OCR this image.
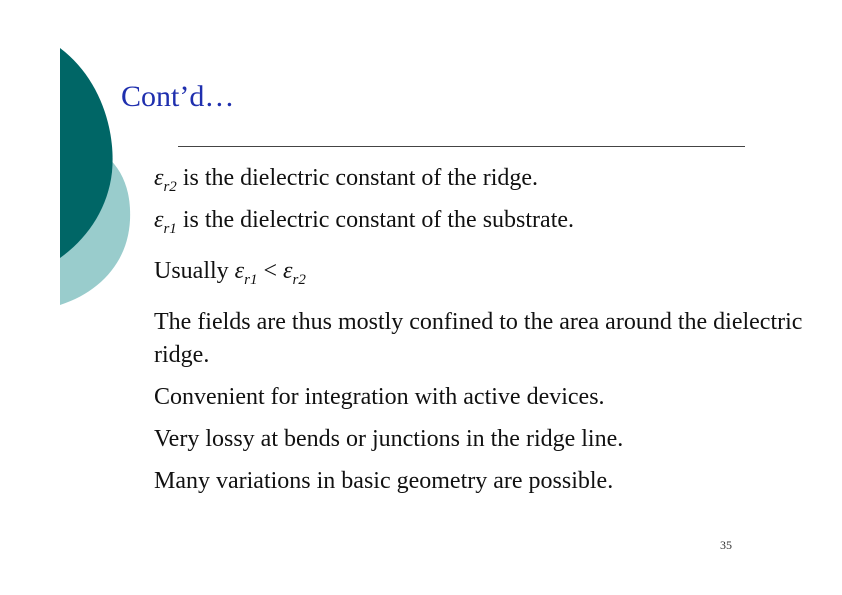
Cont’d…
$\varepsilon_{r2}$ is the dielectric constant of the ridge.
$\varepsilon_{r1}$ is the dielectric constant of the substrate.
Usually $\varepsilon_{r1} < \varepsilon_{r2}$
The fields are thus mostly confined to the area around the dielectric
ridge.
Convenient for integration with active devices.
Very lossy at bends or junctions in the ridge line.
Many variations in basic geometry are possible.
35
